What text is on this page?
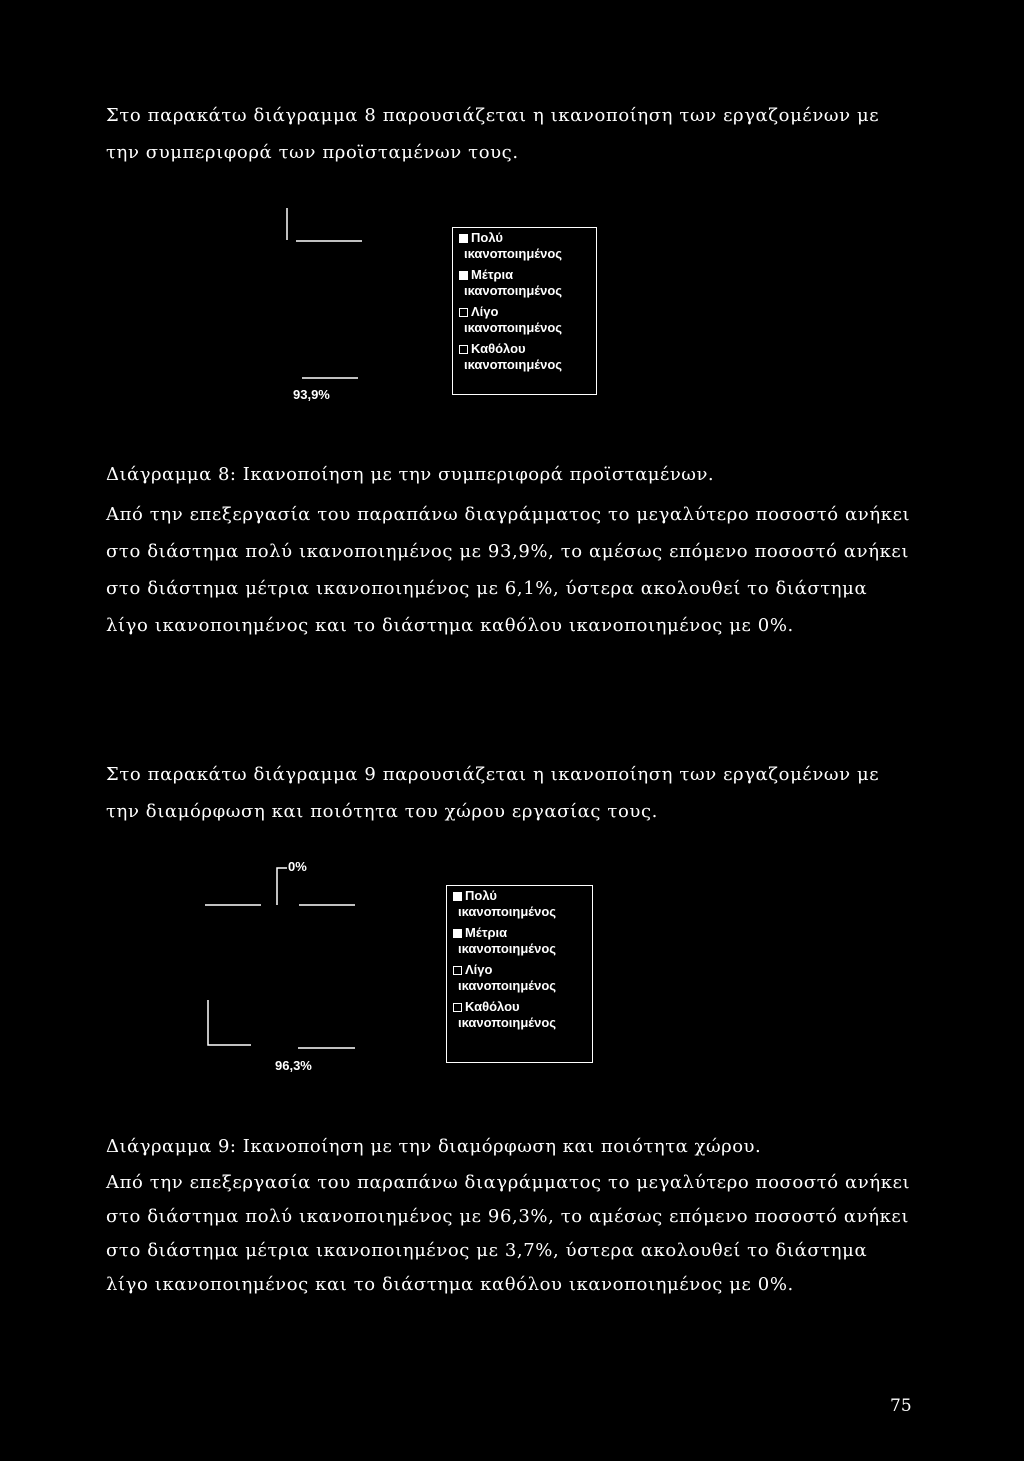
Στο παρακάτω διάγραμμα 8 παρουσιάζεται η ικανοποίηση των εργαζομένων με την συμπεριφορά των προϊσταμένων τους.

93,9%
Πολύ
ικανοποιημένος
Μέτρια
ικανοποιημένος
Λίγο
ικανοποιημένος
Καθόλου
ικανοποιημένος

Διάγραμμα 8: Ικανοποίηση με την συμπεριφορά προϊσταμένων.

Από την επεξεργασία του παραπάνω διαγράμματος το μεγαλύτερο ποσοστό ανήκει στο διάστημα πολύ ικανοποιημένος με 93,9%, το αμέσως επόμενο ποσοστό ανήκει στο διάστημα μέτρια ικανοποιημένος με 6,1%, ύστερα ακολουθεί το διάστημα λίγο ικανοποιημένος και το διάστημα καθόλου ικανοποιημένος με 0%.

Στο παρακάτω διάγραμμα 9 παρουσιάζεται η ικανοποίηση των εργαζομένων με την διαμόρφωση και ποιότητα του χώρου εργασίας τους.

0%
96,3%
Πολύ
ικανοποιημένος
Μέτρια
ικανοποιημένος
Λίγο
ικανοποιημένος
Καθόλου
ικανοποιημένος

Διάγραμμα 9: Ικανοποίηση με την διαμόρφωση και ποιότητα χώρου.

Από την επεξεργασία του παραπάνω διαγράμματος το μεγαλύτερο ποσοστό ανήκει στο διάστημα πολύ ικανοποιημένος με 96,3%, το αμέσως επόμενο ποσοστό ανήκει στο διάστημα μέτρια ικανοποιημένος με 3,7%, ύστερα ακολουθεί το διάστημα λίγο ικανοποιημένος και το διάστημα καθόλου ικανοποιημένος με 0%.

75
